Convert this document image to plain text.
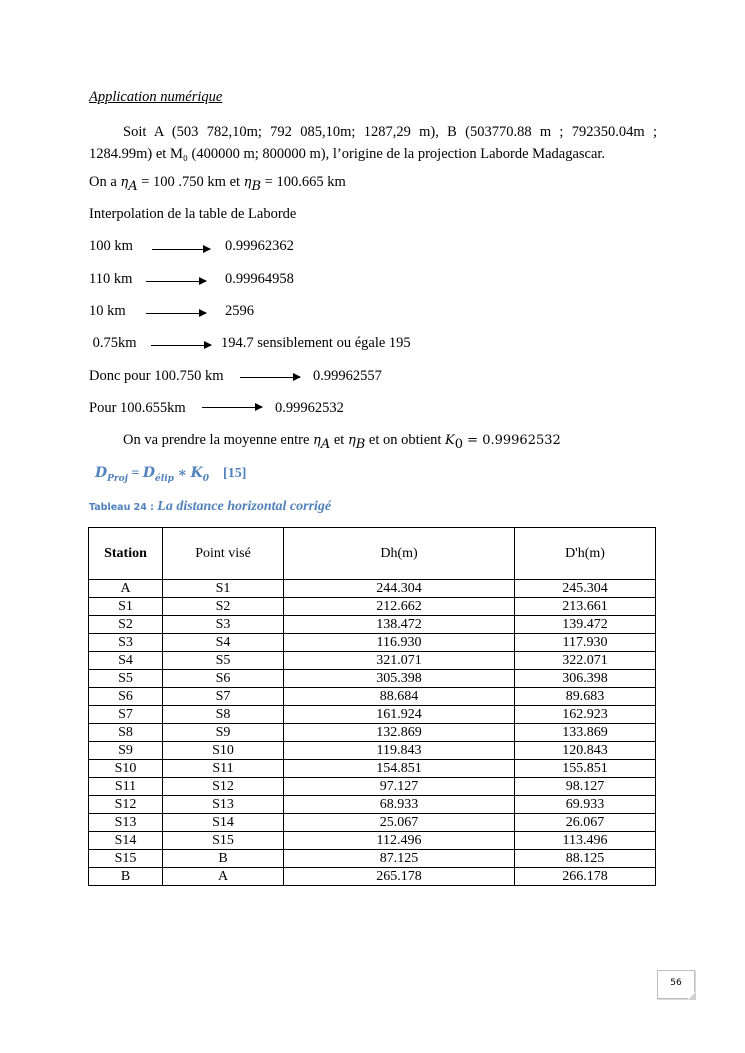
Application numérique
Soit A (503 782,10m; 792 085,10m; 1287,29 m), B (503770.88 m ; 792350.04m ; 1284.99m) et M₀ (400000 m; 800000 m), l’origine de la projection Laborde Madagascar.
On a $\eta_A = 100$ .750 km et $\eta_B = 100.665$ km
Interpolation de la table de Laborde
100 km	0.99962362
110 km	0.99964958
10 km	2596
0.75km	194.7 sensiblement ou égale 195
Donc pour 100.750 km	0.99962557
Pour 100.655km	0.99962532
On va prendre la moyenne entre $\eta_A$ et $\eta_B$ et on obtient $K_0 = 0.99962532$
$D_{Proj} = D_{élip}$ ∗ $K_0$ [15]
Tableau 24 : La distance horizontal corrigé
Station	Point visé	Dh(m)	D'h(m)
A	S1	244.304	245.304
S1	S2	212.662	213.661
S2	S3	138.472	139.472
S3	S4	116.930	117.930
S4	S5	321.071	322.071
S5	S6	305.398	306.398
S6	S7	88.684	89.683
S7	S8	161.924	162.923
S8	S9	132.869	133.869
S9	S10	119.843	120.843
S10	S11	154.851	155.851
S11	S12	97.127	98.127
S12	S13	68.933	69.933
S13	S14	25.067	26.067
S14	S15	112.496	113.496
S15	B	87.125	88.125
B	A	265.178	266.178
56
